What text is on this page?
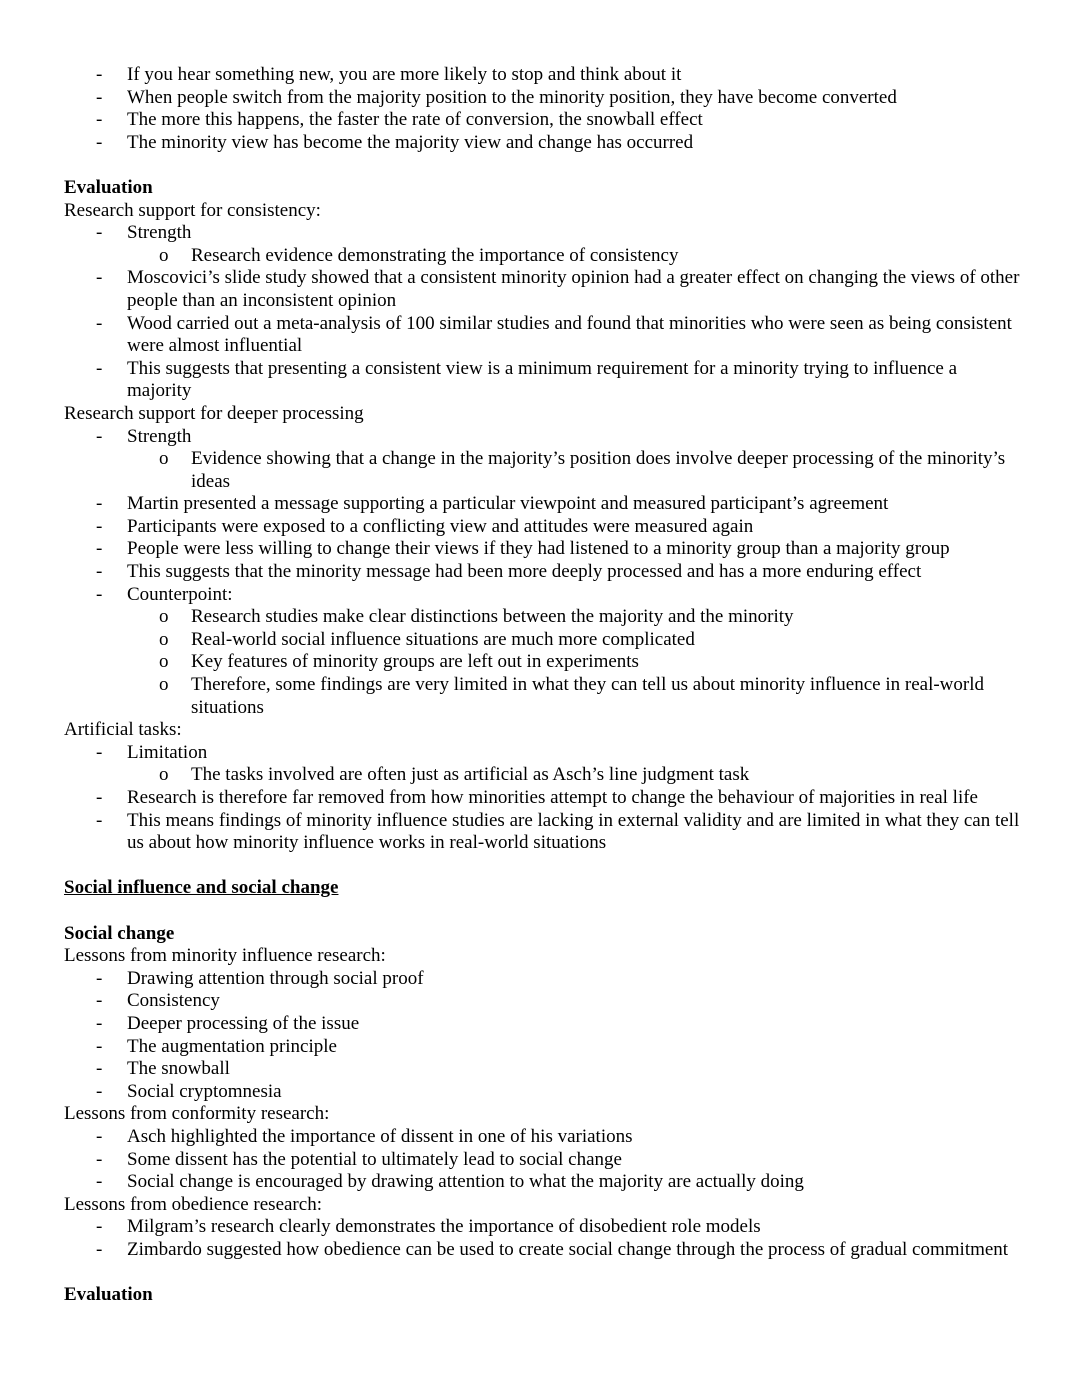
- If you hear something new, you are more likely to stop and think about it
- When people switch from the majority position to the minority position, they have become converted
- The more this happens, the faster the rate of conversion, the snowball effect
- The minority view has become the majority view and change has occurred
Evaluation
Research support for consistency:
- Strength
o Research evidence demonstrating the importance of consistency
- Moscovici’s slide study showed that a consistent minority opinion had a greater effect on changing the views of other people than an inconsistent opinion
- Wood carried out a meta-analysis of 100 similar studies and found that minorities who were seen as being consistent were almost influential
- This suggests that presenting a consistent view is a minimum requirement for a minority trying to influence a majority
Research support for deeper processing
- Strength
o Evidence showing that a change in the majority’s position does involve deeper processing of the minority’s ideas
- Martin presented a message supporting a particular viewpoint and measured participant’s agreement
- Participants were exposed to a conflicting view and attitudes were measured again
- People were less willing to change their views if they had listened to a minority group than a majority group
- This suggests that the minority message had been more deeply processed and has a more enduring effect
- Counterpoint:
o Research studies make clear distinctions between the majority and the minority
o Real-world social influence situations are much more complicated
o Key features of minority groups are left out in experiments
o Therefore, some findings are very limited in what they can tell us about minority influence in real-world situations
Artificial tasks:
- Limitation
o The tasks involved are often just as artificial as Asch’s line judgment task
- Research is therefore far removed from how minorities attempt to change the behaviour of majorities in real life
- This means findings of minority influence studies are lacking in external validity and are limited in what they can tell us about how minority influence works in real-world situations
Social influence and social change
Social change
Lessons from minority influence research:
- Drawing attention through social proof
- Consistency
- Deeper processing of the issue
- The augmentation principle
- The snowball
- Social cryptomnesia
Lessons from conformity research:
- Asch highlighted the importance of dissent in one of his variations
- Some dissent has the potential to ultimately lead to social change
- Social change is encouraged by drawing attention to what the majority are actually doing
Lessons from obedience research:
- Milgram’s research clearly demonstrates the importance of disobedient role models
- Zimbardo suggested how obedience can be used to create social change through the process of gradual commitment
Evaluation
